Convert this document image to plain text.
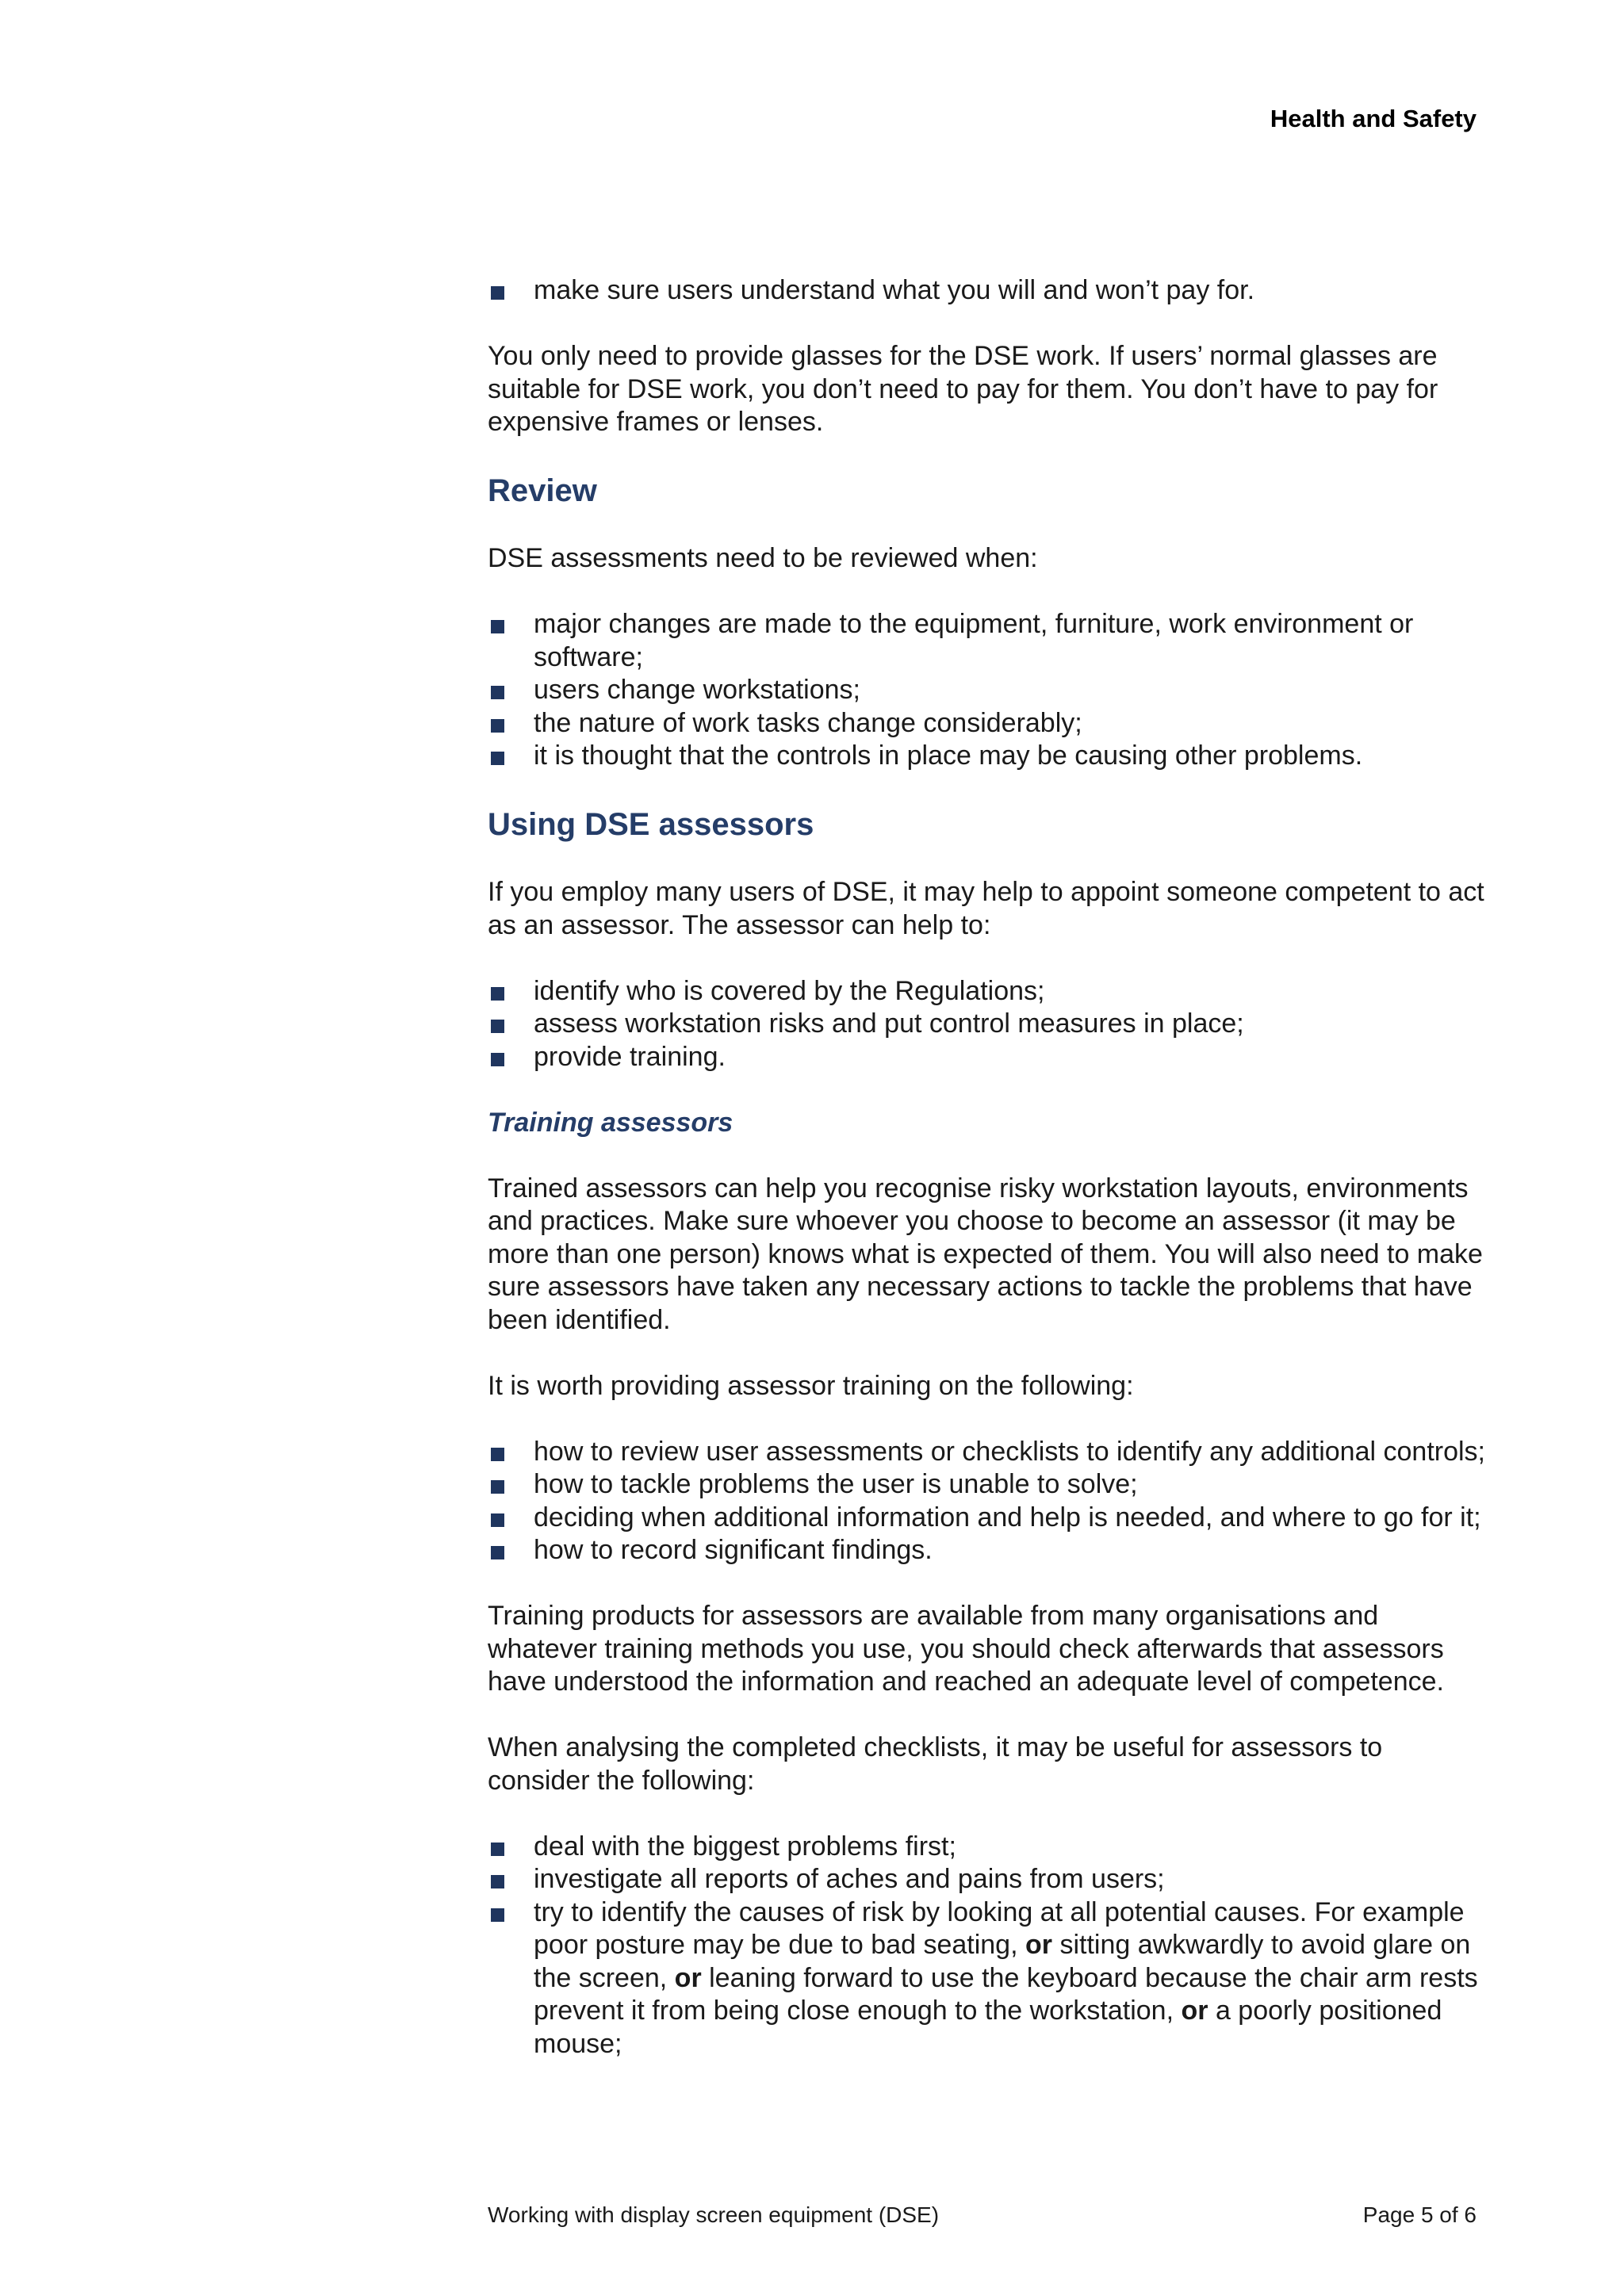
Health and Safety
make sure users understand what you will and won’t pay for.

You only need to provide glasses for the DSE work. If users’ normal glasses are suitable for DSE work, you don’t need to pay for them. You don’t have to pay for expensive frames or lenses.

Review

DSE assessments need to be reviewed when:

major changes are made to the equipment, furniture, work environment or software;
users change workstations;
the nature of work tasks change considerably;
it is thought that the controls in place may be causing other problems.
Using DSE assessors

If you employ many users of DSE, it may help to appoint someone competent to act as an assessor. The assessor can help to:

identify who is covered by the Regulations;
assess workstation risks and put control measures in place;
provide training.
Training assessors

Trained assessors can help you recognise risky workstation layouts, environments and practices. Make sure whoever you choose to become an assessor (it may be more than one person) knows what is expected of them. You will also need to make sure assessors have taken any necessary actions to tackle the problems that have been identified.

It is worth providing assessor training on the following:

how to review user assessments or checklists to identify any additional controls;
how to tackle problems the user is unable to solve;
deciding when additional information and help is needed, and where to go for it;
how to record significant findings.

Training products for assessors are available from many organisations and whatever training methods you use, you should check afterwards that assessors have understood the information and reached an adequate level of competence.

When analysing the completed checklists, it may be useful for assessors to consider the following:

deal with the biggest problems first;
investigate all reports of aches and pains from users;
try to identify the causes of risk by looking at all potential causes. For example poor posture may be due to bad seating, or sitting awkwardly to avoid glare on the screen, or leaning forward to use the keyboard because the chair arm rests prevent it from being close enough to the workstation, or a poorly positioned mouse;
Working with display screen equipment (DSE)	Page 5 of 6
